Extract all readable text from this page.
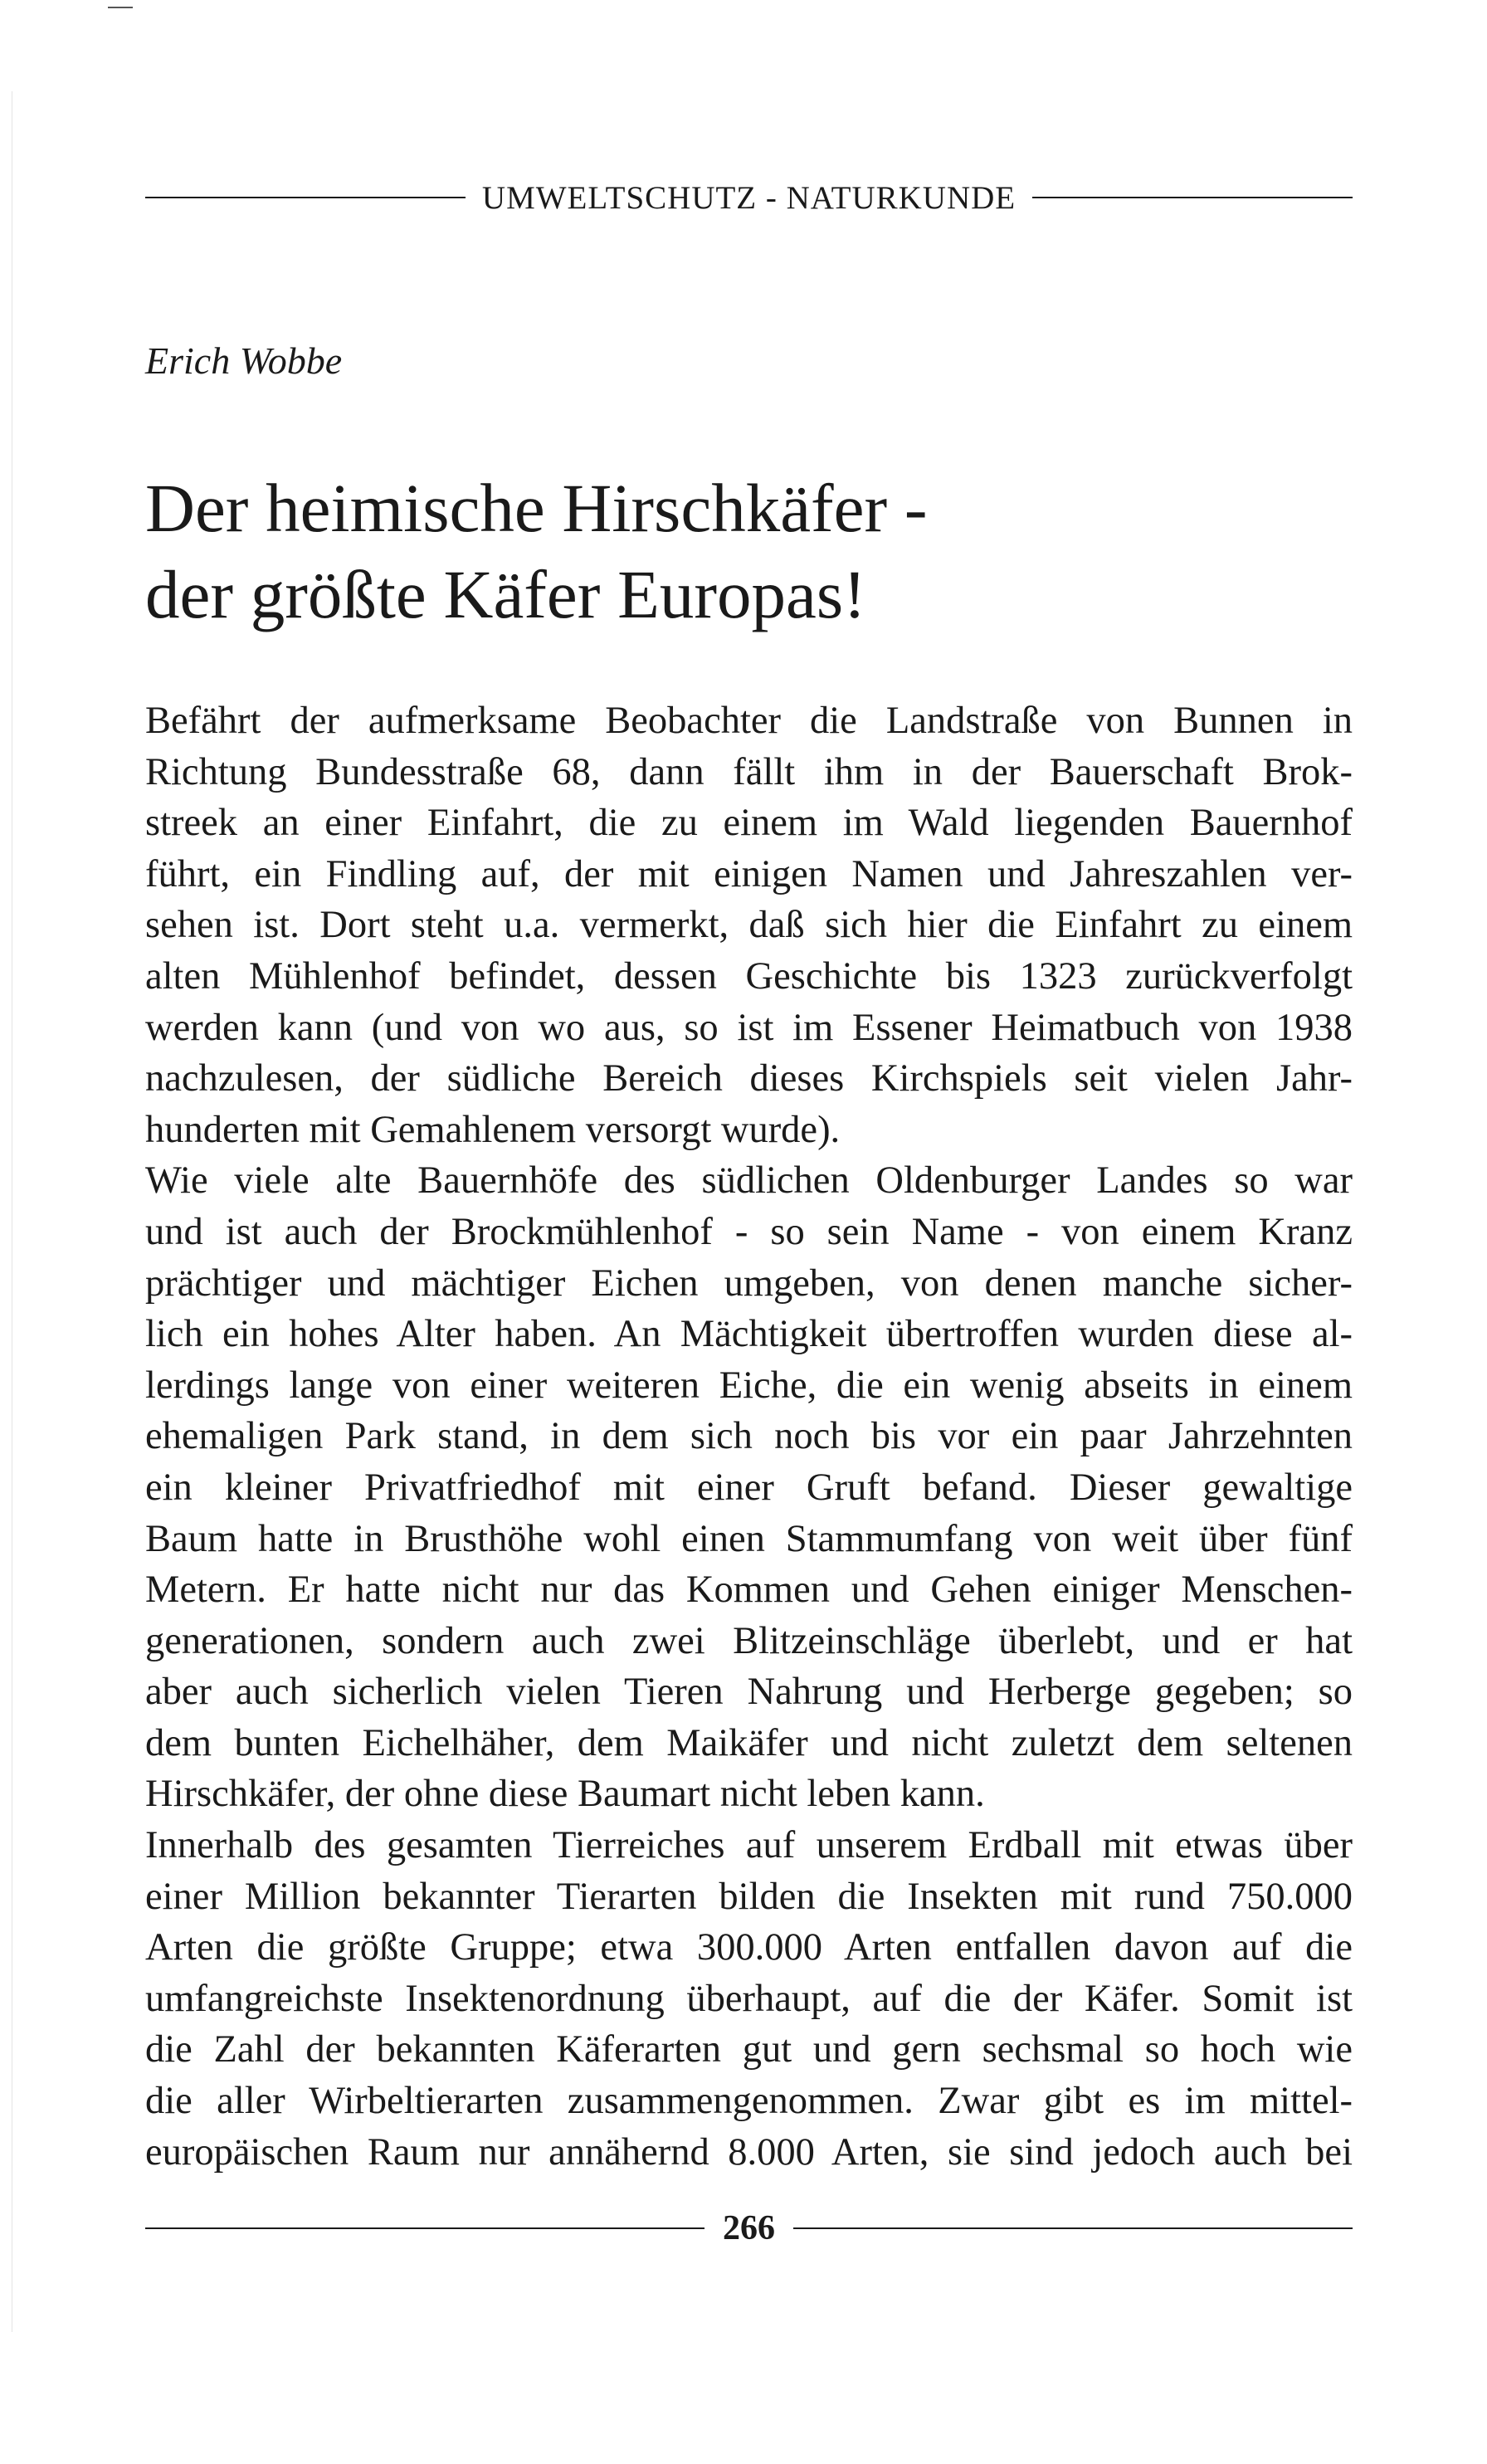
UMWELTSCHUTZ - NATURKUNDE
Erich Wobbe
Der heimische Hirschkäfer -
der größte Käfer Europas!
Befährt der aufmerksame Beobachter die Landstraße von Bunnen in
Richtung Bundesstraße 68, dann fällt ihm in der Bauerschaft Brok-
streek an einer Einfahrt, die zu einem im Wald liegenden Bauernhof
führt, ein Findling auf, der mit einigen Namen und Jahreszahlen ver-
sehen ist. Dort steht u.a. vermerkt, daß sich hier die Einfahrt zu einem
alten Mühlenhof befindet, dessen Geschichte bis 1323 zurückverfolgt
werden kann (und von wo aus, so ist im Essener Heimatbuch von 1938
nachzulesen, der südliche Bereich dieses Kirchspiels seit vielen Jahr-
hunderten mit Gemahlenem versorgt wurde).
Wie viele alte Bauernhöfe des südlichen Oldenburger Landes so war
und ist auch der Brockmühlenhof - so sein Name - von einem Kranz
prächtiger und mächtiger Eichen umgeben, von denen manche sicher-
lich ein hohes Alter haben. An Mächtigkeit übertroffen wurden diese al-
lerdings lange von einer weiteren Eiche, die ein wenig abseits in einem
ehemaligen Park stand, in dem sich noch bis vor ein paar Jahrzehnten
ein kleiner Privatfriedhof mit einer Gruft befand. Dieser gewaltige
Baum hatte in Brusthöhe wohl einen Stammumfang von weit über fünf
Metern. Er hatte nicht nur das Kommen und Gehen einiger Menschen-
generationen, sondern auch zwei Blitzeinschläge überlebt, und er hat
aber auch sicherlich vielen Tieren Nahrung und Herberge gegeben; so
dem bunten Eichelhäher, dem Maikäfer und nicht zuletzt dem seltenen
Hirschkäfer, der ohne diese Baumart nicht leben kann.
Innerhalb des gesamten Tierreiches auf unserem Erdball mit etwas über
einer Million bekannter Tierarten bilden die Insekten mit rund 750.000
Arten die größte Gruppe; etwa 300.000 Arten entfallen davon auf die
umfangreichste Insektenordnung überhaupt, auf die der Käfer. Somit ist
die Zahl der bekannten Käferarten gut und gern sechsmal so hoch wie
die aller Wirbeltierarten zusammengenommen. Zwar gibt es im mittel-
europäischen Raum nur annähernd 8.000 Arten, sie sind jedoch auch bei
266
